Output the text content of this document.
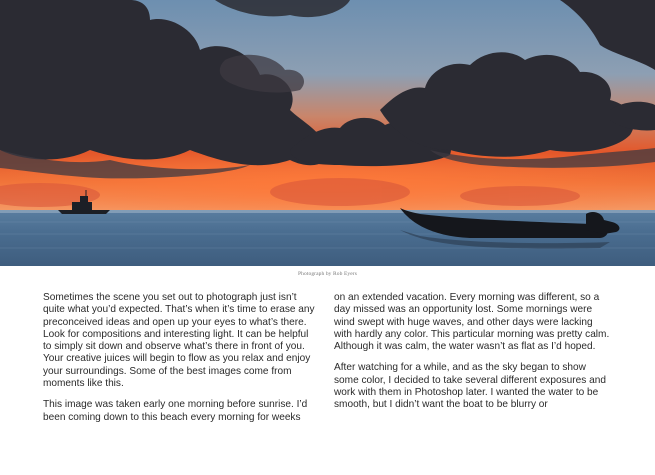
Photograph by Rob Eyers

Sometimes the scene you set out to photograph just isn’t quite what you’d expected. That’s when it’s time to erase any preconceived ideas and open up your eyes to what’s there. Look for compositions and interesting light. It can be helpful to simply sit down and observe what’s there in front of you. Your creative juices will begin to flow as you relax and enjoy your surroundings. Some of the best images come from moments like this.

This image was taken early one morning before sunrise. I’d been coming down to this beach every morning for weeks

on an extended vacation. Every morning was different, so a day missed was an opportunity lost. Some mornings were wind swept with huge waves, and other days were lacking with hardly any color. This particular morning was pretty calm. Although it was calm, the water wasn’t as flat as I’d hoped.

After watching for a while, and as the sky began to show some color, I decided to take several different exposures and work with them in Photoshop later. I wanted the water to be smooth, but I didn’t want the boat to be blurry or
